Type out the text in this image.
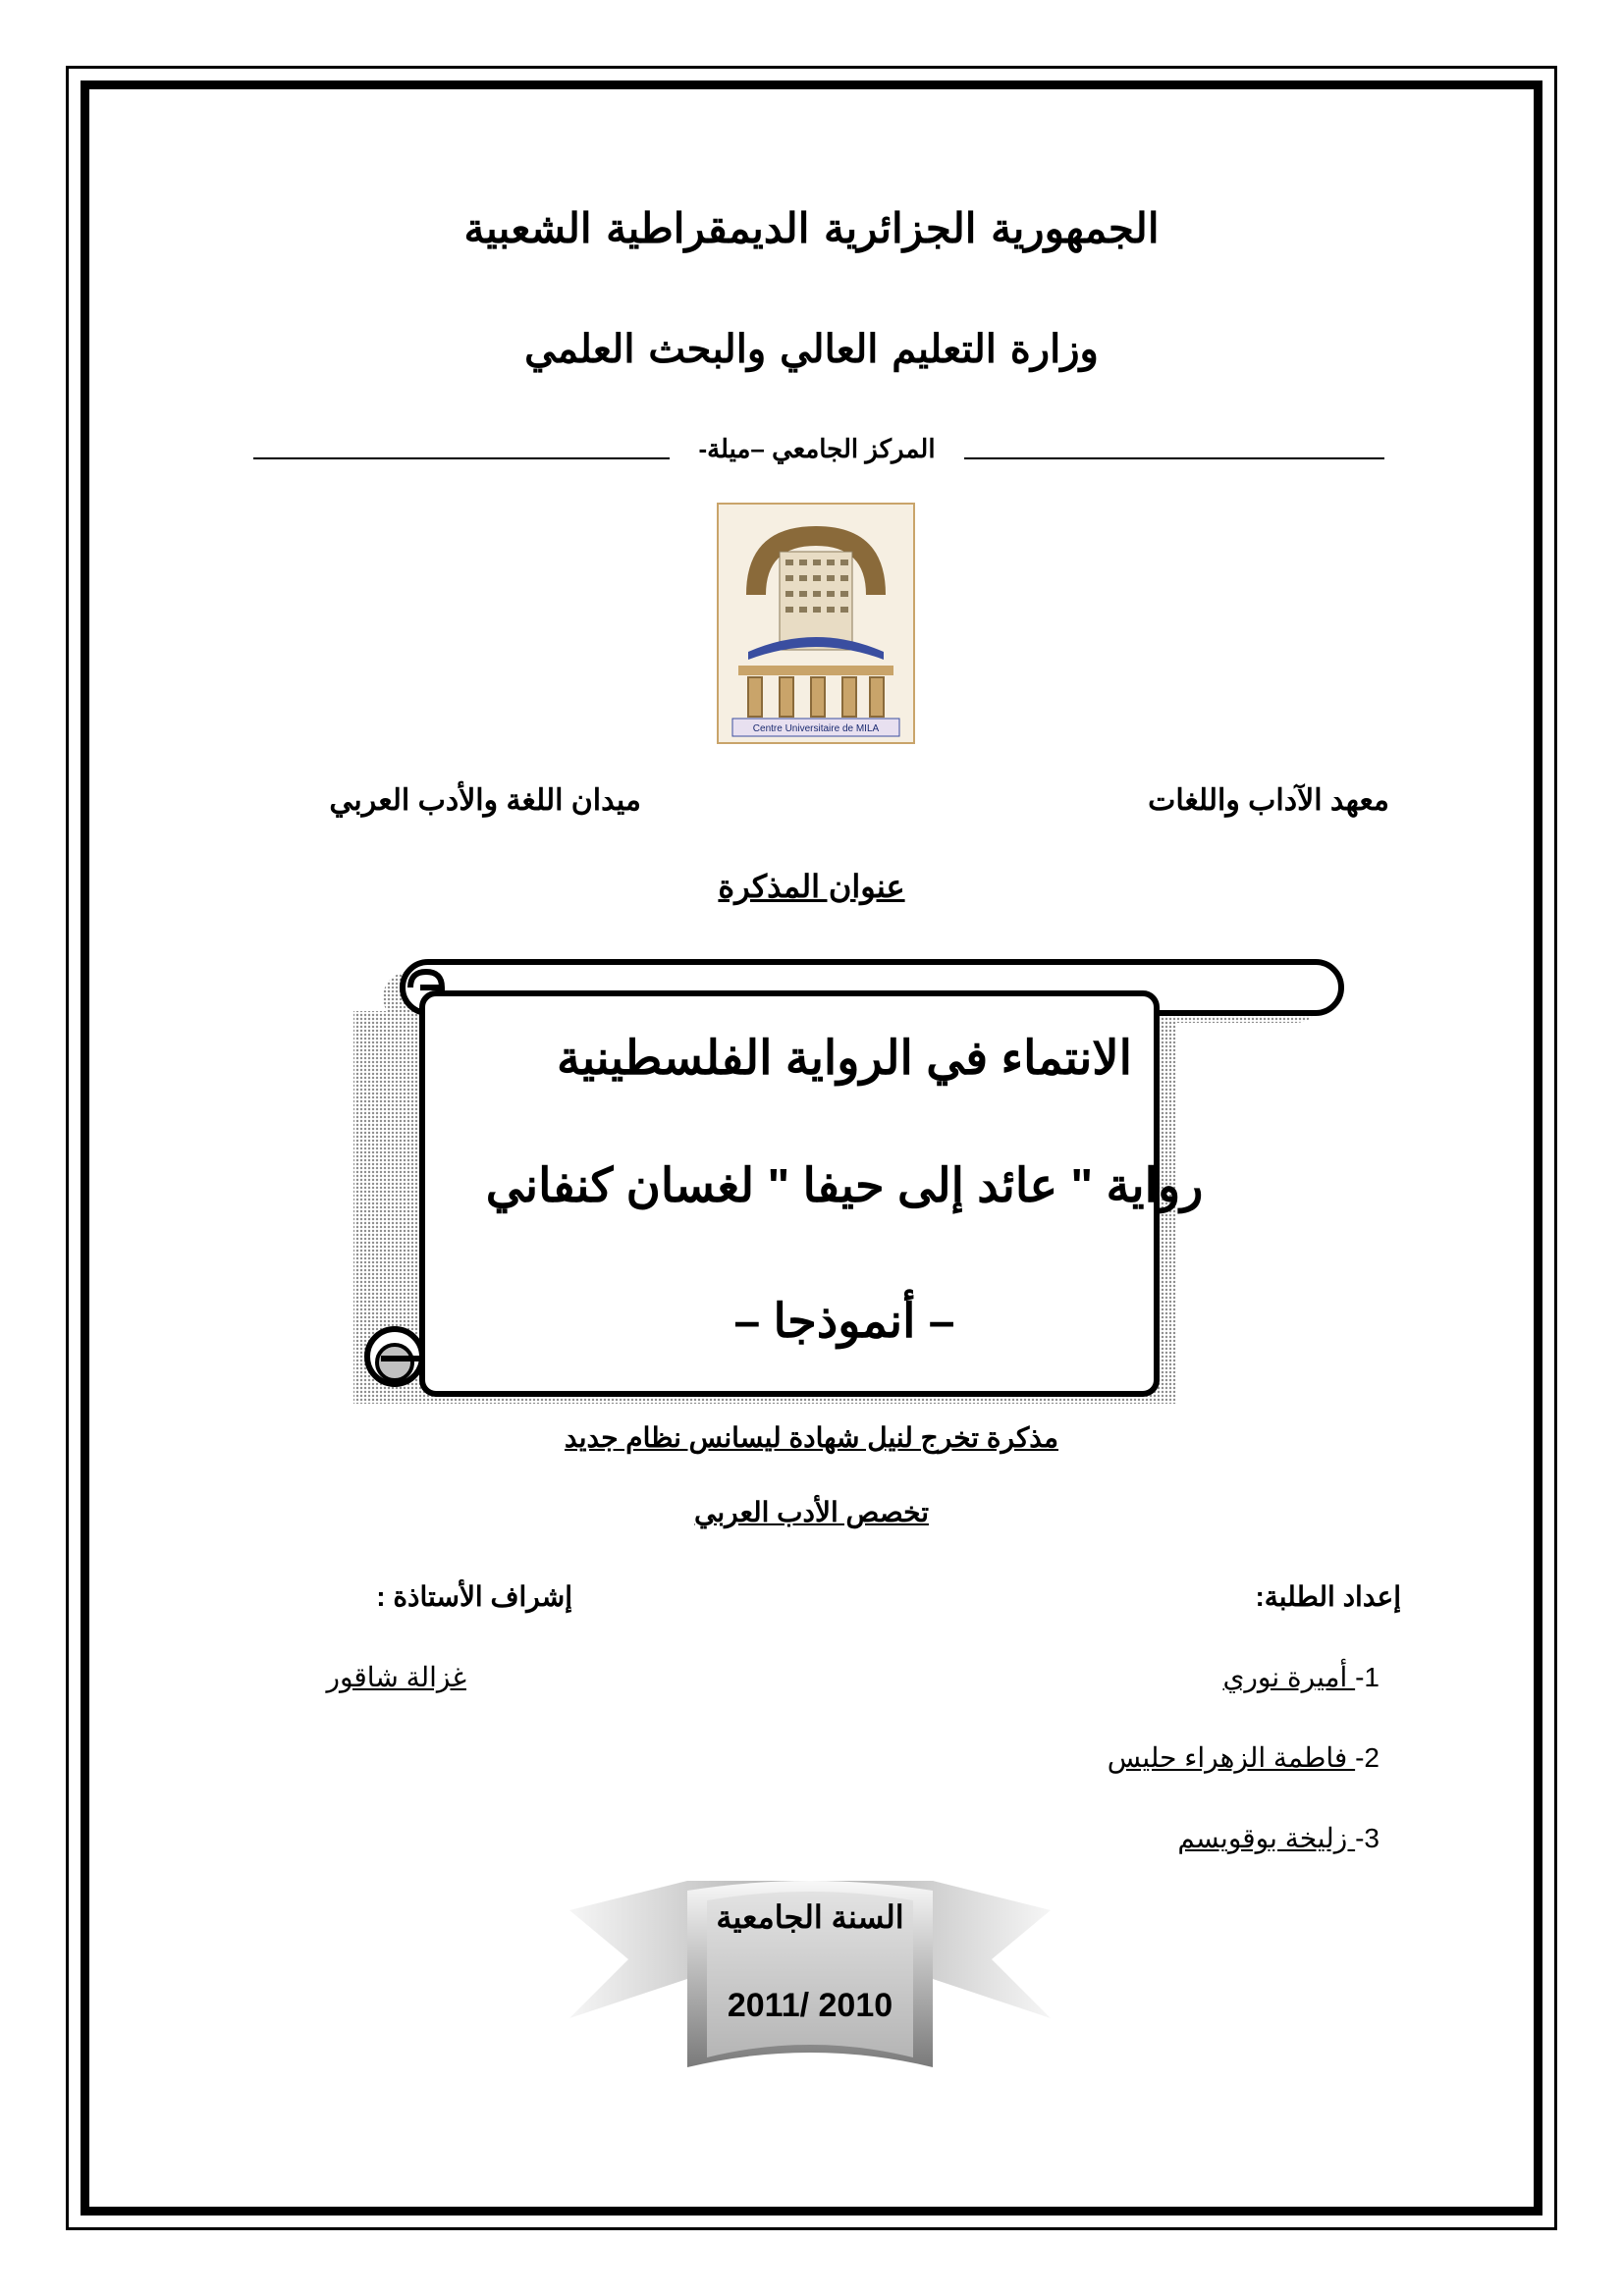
الجمهورية الجزائرية الديمقراطية الشعبية
وزارة التعليم العالي والبحث العلمي
المركز الجامعي –ميلة-
Centre Universitaire de MILA
معهد الآداب واللغات
ميدان اللغة والأدب العربي
عنوان المذكرة
الانتماء في الرواية الفلسطينية
رواية " عائد إلى حيفا " لغسان كنفاني
– أنموذجا –
مذكرة تخرج لنيل شهادة ليسانس نظام جديد
تخصص الأدب العربي
إعداد الطلبة:
إشراف الأستاذة :
1- أميرة نوري
2- فاطمة الزهراء حليس
3- زليخة بوقويسم
غزالة شاقور
السنة الجامعية
2011/ 2010
